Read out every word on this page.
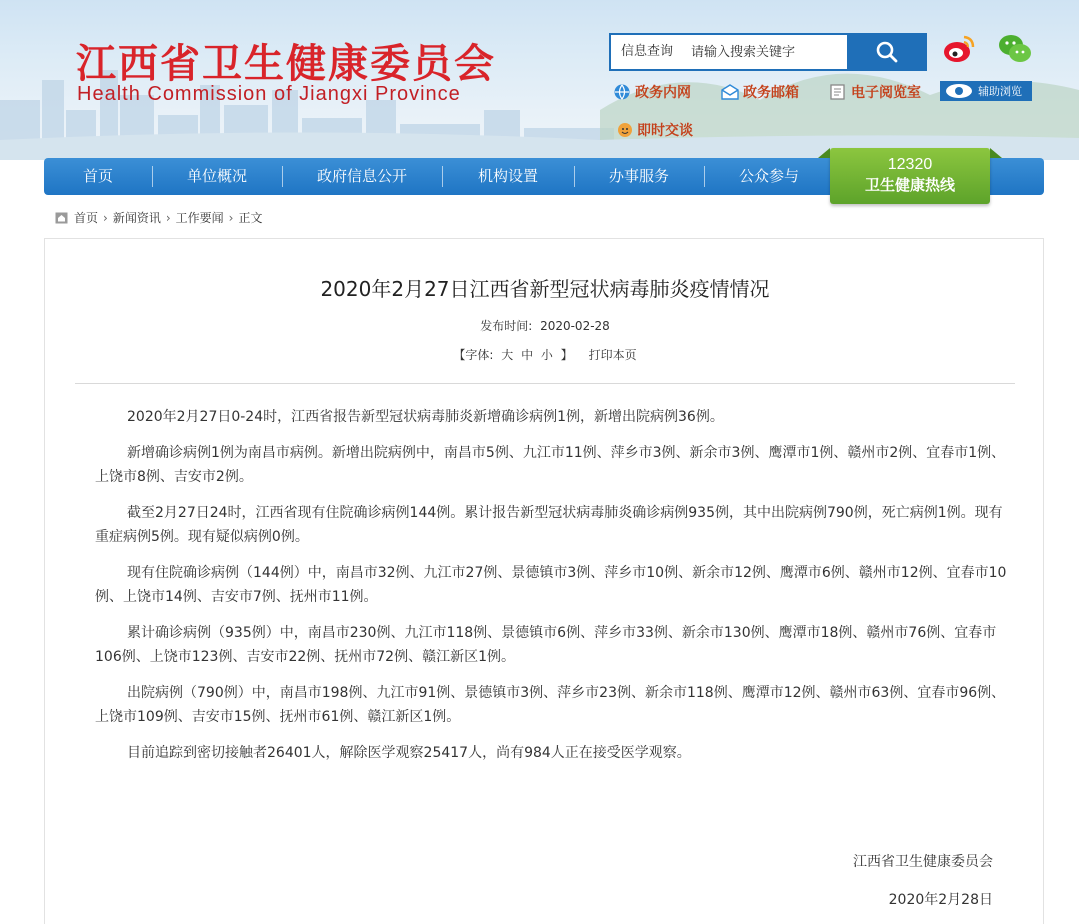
江西省卫生健康委员会
Health Commission of Jiangxi Province
信息查询
请输入搜索关键字
政务内网	政务邮箱	电子阅览室	辅助浏览
即时交谈
首页	单位概况	政府信息公开	机构设置	办事服务	公众参与
12320
卫生健康热线
首页 › 新闻资讯 › 工作要闻 › 正文
2020年2月27日江西省新型冠状病毒肺炎疫情情况
发布时间: 2020-02-28
【字体: 大 中 小 】 打印本页

2020年2月27日0-24时，江西省报告新型冠状病毒肺炎新增确诊病例1例，新增出院病例36例。

新增确诊病例1例为南昌市病例。新增出院病例中，南昌市5例、九江市11例、萍乡市3例、新余市3例、鹰潭市1例、赣州市2例、宜春市1例、上饶市8例、吉安市2例。

截至2月27日24时，江西省现有住院确诊病例144例。累计报告新型冠状病毒肺炎确诊病例935例，其中出院病例790例，死亡病例1例。现有重症病例5例。现有疑似病例0例。

现有住院确诊病例（144例）中，南昌市32例、九江市27例、景德镇市3例、萍乡市10例、新余市12例、鹰潭市6例、赣州市12例、宜春市10例、上饶市14例、吉安市7例、抚州市11例。

累计确诊病例（935例）中，南昌市230例、九江市118例、景德镇市6例、萍乡市33例、新余市130例、鹰潭市18例、赣州市76例、宜春市106例、上饶市123例、吉安市22例、抚州市72例、赣江新区1例。

出院病例（790例）中，南昌市198例、九江市91例、景德镇市3例、萍乡市23例、新余市118例、鹰潭市12例、赣州市63例、宜春市96例、上饶市109例、吉安市15例、抚州市61例、赣江新区1例。

目前追踪到密切接触者26401人，解除医学观察25417人，尚有984人正在接受医学观察。

江西省卫生健康委员会
2020年2月28日
